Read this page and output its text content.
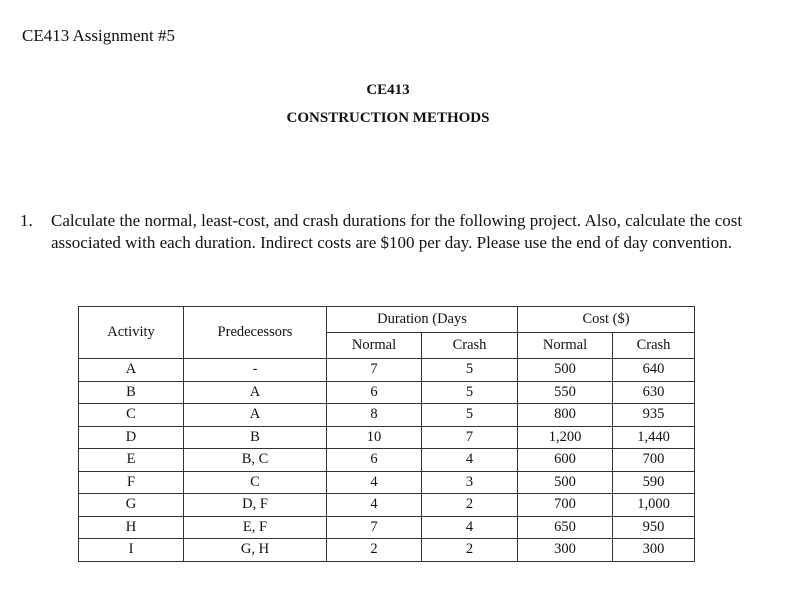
CE413 Assignment #5
CE413
CONSTRUCTION METHODS
1. Calculate the normal, least-cost, and crash durations for the following project. Also, calculate the cost associated with each duration. Indirect costs are $100 per day. Please use the end of day convention.
Activity	Predecessors	Duration (Days		Cost ($)	
		Normal	Crash	Normal	Crash
A	-	7	5	500	640
B	A	6	5	550	630
C	A	8	5	800	935
D	B	10	7	1,200	1,440
E	B, C	6	4	600	700
F	C	4	3	500	590
G	D, F	4	2	700	1,000
H	E, F	7	4	650	950
I	G, H	2	2	300	300
